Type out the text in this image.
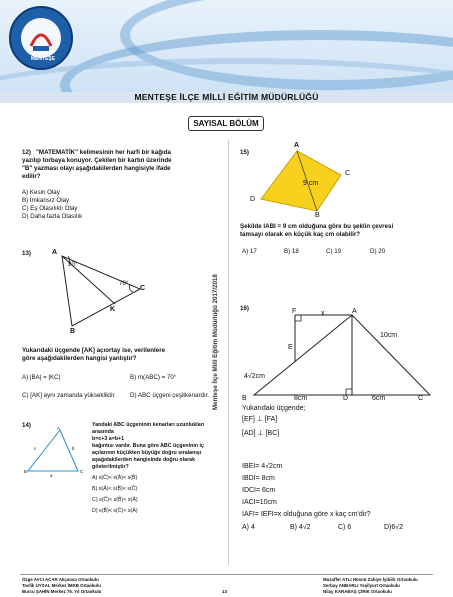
MENTEŞE
MENTEŞE İLÇE MİLLİ EĞİTİM MÜDÜRLÜĞÜ
SAYISAL BÖLÜM
Menteşe İlçe Milli Eğitim Müdürlüğü 2017/2018
12) "MATEMATİK" kelimesinin her harfi bir kağıda
yazılıp torbaya konuyor. Çekilen bir kartın üzerinde
"B" yazması olayı aşağıdakilerden hangisiyle ifade
edilir?
A) Kesin Olay
B) İmkansız Olay
C) Eş Olasılıklı Olay
D) Daha fazla Olasılık
13)	A
20°
70°
C
K
B
Yukarıdaki üçgende [AK] açıortay ise, verilenlere
göre aşağıdakilerden hangisi yanlıştır?
A) |BA| = |KC|	B) m(ABC) = 70°
C) [AK] aynı zamanda yüksekliktir. D) ABC üçgeni çeşitkenardır.
14)	A
B	C
c	b
a
Yandaki ABC üçgeninin kenarları uzunlukları
arasında
b=c+3 a=b+1
bağıntısı vardır. Buna göre ABC üçgeninin iç
açılarının küçükten büyüğe doğru sıralanışı
aşağıdakilerden hangisinde doğru olarak
gösterilmiştir?
A) s(Ĉ)< s(Â)< s(B̂)
B) s(Â)< s(B̂)< s(Ĉ)
C) s(Ĉ)< s(B̂)< s(Â)
D) s(B̂)< s(Ĉ)< s(Â)
15)
A
C
D
B
9 cm
Şekilde IABI = 9 cm olduğuna göre bu şeklin çevresi
tamsayı olarak en küçük kaç cm olabilir?
A) 17	B) 18	C) 19	D) 20
16)	F	x	A
E
10cm
4√2cm
B	8cm	D	6cm	C
Yukarıdaki üçgende;
[EF] ⊥ [FA]
[AD] ⊥ [BC]
IBEI= 4√2cm
IBDI= 8cm
IDCI= 6cm
IACI=10cm
IAFI= IEFI=x olduğuna göre x kaç cm'dir?
A) 4	B) 4√2	C) 6	D)6√2
Özge AVCI ACAR Akçaova Ortaokulu
Tevfik UYSAL Merkez İMKB Ortaokulu
Burcu ŞAHİN Merkez 75. Yıl Ortaokulu
Muzaffer ATLI Hüsnü Zahiye İyibilir Ortaokulu
Serbay ANBARLI Yeşilyurt Ortaokulu
Nilay KARABAŞ ÇİRİK Ortaokulu
13
